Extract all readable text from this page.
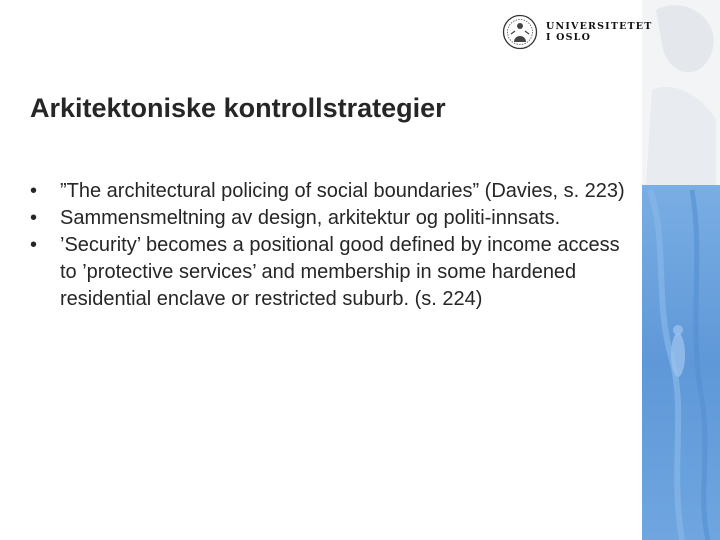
UNIVERSITETET
I OSLO
Arkitektoniske kontrollstrategier
• ”The architectural policing of social boundaries” (Davies, s. 223)
• Sammensmeltning av design, arkitektur og politi-innsats.
• ’Security’ becomes a positional good defined by income access to ’protective services’ and membership in some hardened residential enclave or restricted suburb. (s. 224)
